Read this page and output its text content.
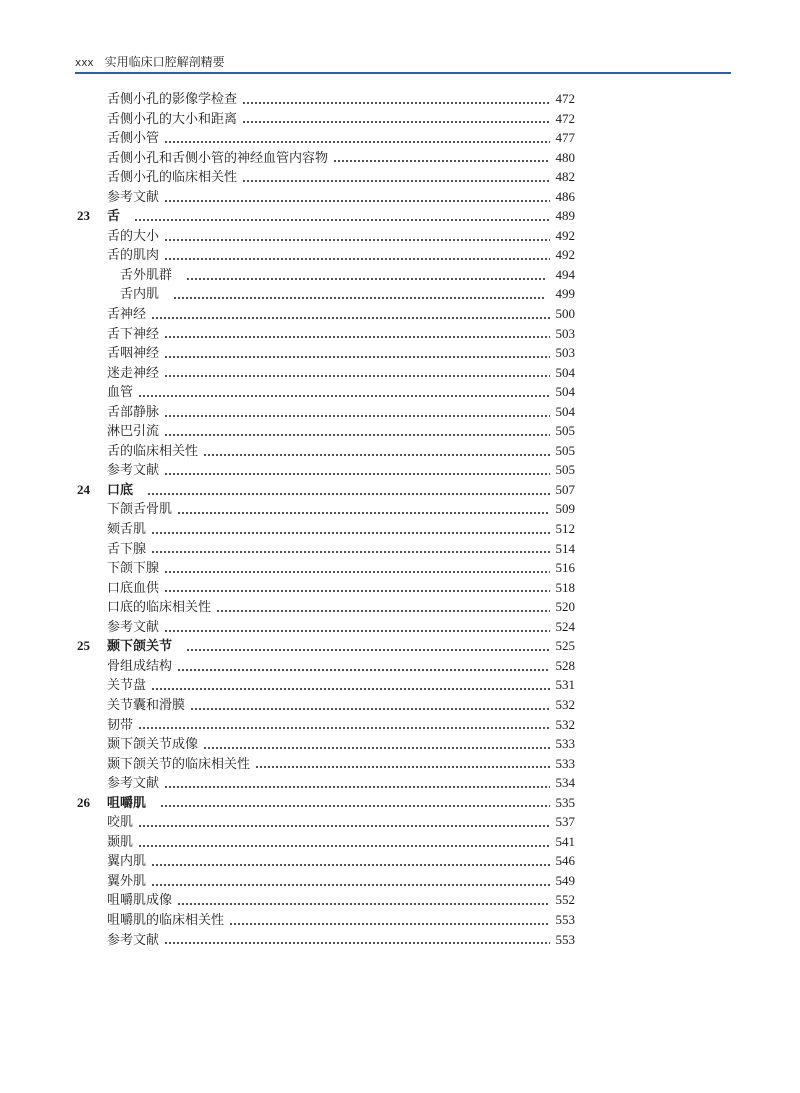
xxx 实用临床口腔解剖精要
舌侧小孔的影像学检查	472
舌侧小孔的大小和距离	472
舌侧小管	477
舌侧小孔和舌侧小管的神经血管内容物	480
舌侧小孔的临床相关性	482
参考文献	486
23	舌	489
舌的大小	492
舌的肌肉	492
舌外肌群	494
舌内肌	499
舌神经	500
舌下神经	503
舌咽神经	503
迷走神经	504
血管	504
舌部静脉	504
淋巴引流	505
舌的临床相关性	505
参考文献	505
24	口底	507
下颌舌骨肌	509
颏舌肌	512
舌下腺	514
下颌下腺	516
口底血供	518
口底的临床相关性	520
参考文献	524
25	颞下颌关节	525
骨组成结构	528
关节盘	531
关节囊和滑膜	532
韧带	532
颞下颌关节成像	533
颞下颌关节的临床相关性	533
参考文献	534
26	咀嚼肌	535
咬肌	537
颞肌	541
翼内肌	546
翼外肌	549
咀嚼肌成像	552
咀嚼肌的临床相关性	553
参考文献	553
